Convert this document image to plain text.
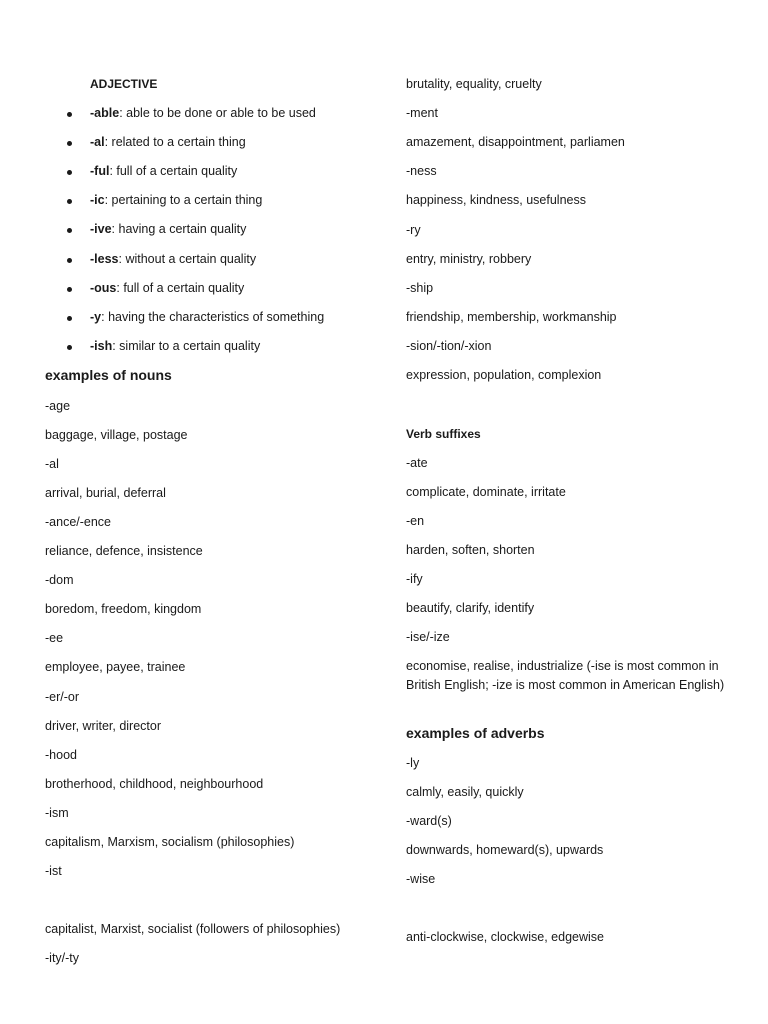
ADJECTIVE
-able: able to be done or able to be used
-al: related to a certain thing
-ful: full of a certain quality
-ic: pertaining to a certain thing
-ive: having a certain quality
-less: without a certain quality
-ous: full of a certain quality
-y: having the characteristics of something
-ish: similar to a certain quality
examples of nouns
-age
baggage, village, postage
-al
arrival, burial, deferral
-ance/-ence
reliance, defence, insistence
-dom
boredom, freedom, kingdom
-ee
employee, payee, trainee
-er/-or
driver, writer, director
-hood
brotherhood, childhood, neighbourhood
-ism
capitalism, Marxism, socialism (philosophies)
-ist
capitalist, Marxist, socialist (followers of philosophies)
-ity/-ty
brutality, equality, cruelty
-ment
amazement, disappointment, parliamen
-ness
happiness, kindness, usefulness
-ry
entry, ministry, robbery
-ship
friendship, membership, workmanship
-sion/-tion/-xion
expression, population, complexion
Verb suffixes
-ate
complicate, dominate, irritate
-en
harden, soften, shorten
-ify
beautify, clarify, identify
-ise/-ize
economise, realise, industrialize (-ise is most common in British English; -ize is most common in American English)
examples of adverbs
-ly
calmly, easily, quickly
-ward(s)
downwards, homeward(s), upwards
-wise
anti-clockwise, clockwise, edgewise
